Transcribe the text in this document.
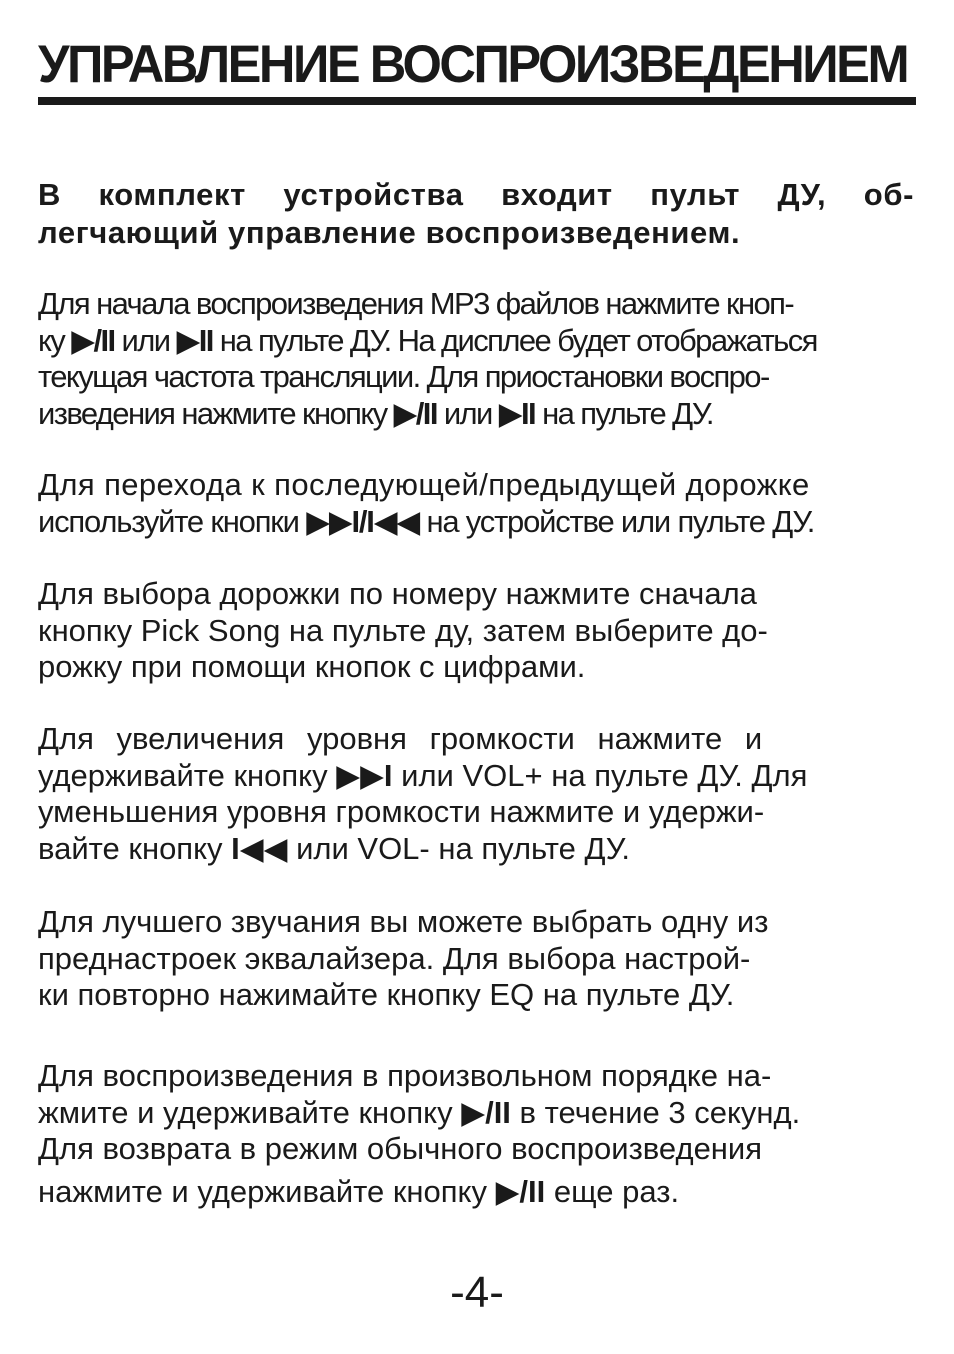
УПРАВЛЕНИЕ ВОСПРОИЗВЕДЕНИЕМ

В комплект устройства входит пульт ДУ, об-
легчающий управление воспроизведением.

Для начала воспроизведения MP3 файлов нажмите кноп-
ку ▶/II или ▶II на пульте ДУ. На дисплее будет отображаться
текущая частота трансляции. Для приостановки воспро-
изведения нажмите кнопку ▶/II или ▶II на пульте ДУ.
Для перехода к последующей/предыдущей дорожке
используйте кнопки ▶▶I/I◀◀ на устройстве или пульте ДУ.
Для выбора дорожки по номеру нажмите сначала
кнопку Pick Song на пульте ду, затем выберите до-
рожку при помощи кнопок с цифрами.
Для увеличения уровня громкости нажмите и
удерживайте кнопку ▶▶I или VOL+ на пульте ДУ. Для
уменьшения уровня громкости нажмите и удержи-
вайте кнопку I◀◀ или VOL- на пульте ДУ.
Для лучшего звучания вы можете выбрать одну из
преднастроек эквалайзера. Для выбора настрой-
ки повторно нажимайте кнопку EQ на пульте ДУ.
Для воспроизведения в произвольном порядке на-
жмите и удерживайте кнопку ▶/II в течение 3 секунд.
Для возврата в режим обычного воспроизведения
нажмите и удерживайте кнопку ▶/II еще раз.
-4-
